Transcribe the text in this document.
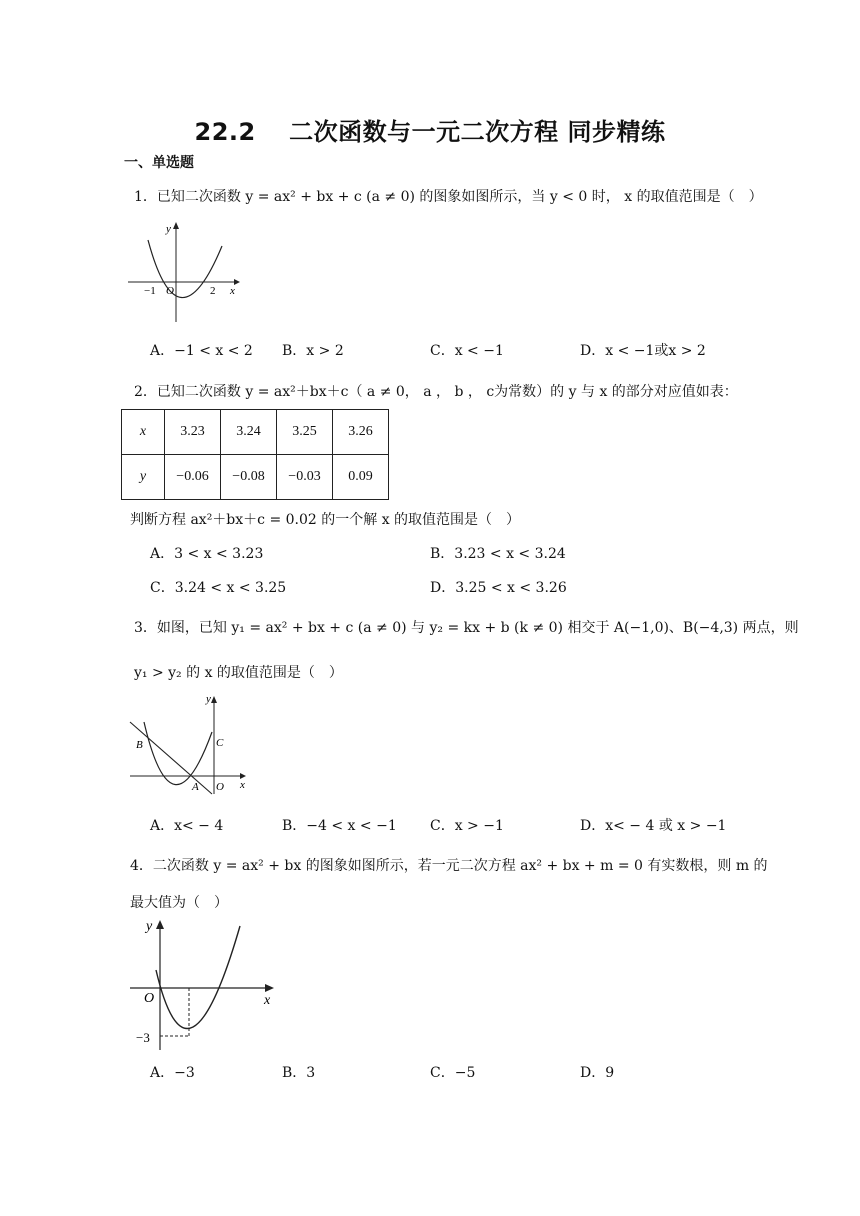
22.2　 二次函数与一元二次方程 同步精练
一、单选题
1．已知二次函数 y = ax² + bx + c (a ≠ 0) 的图象如图所示，当 y < 0 时， x 的取值范围是（　）
y
x
O
−1	2
A．−1 < x < 2 B．x > 2	C．x < −1	D．x < −1或x > 2
2．已知二次函数 y = ax²＋bx＋c（ a ≠ 0， a ， b ， c为常数）的 y 与 x 的部分对应值如表：
x	3.23	3.24	3.25	3.26
y	−0.06	−0.08	−0.03	0.09
判断方程 ax²＋bx＋c = 0.02 的一个解 x 的取值范围是（　）
A．3 < x < 3.23	B．3.23 < x < 3.24
C．3.24 < x < 3.25	D．3.25 < x < 3.26
3．如图，已知 y₁ = ax² + bx + c (a ≠ 0) 与 y₂ = kx + b (k ≠ 0) 相交于 A(−1,0)、B(−4,3) 两点，则
y₁ > y₂ 的 x 的取值范围是（　）
y
x
O
A
B	C
A．x< − 4	B．−4 < x < −1 C．x > −1	D．x< − 4 或 x > −1
4．二次函数 y = ax² + bx 的图象如图所示，若一元二次方程 ax² + bx + m = 0 有实数根，则 m 的
最大值为（　）
y
x
O
−3
A．−3	B．3	C．−5	D．9
